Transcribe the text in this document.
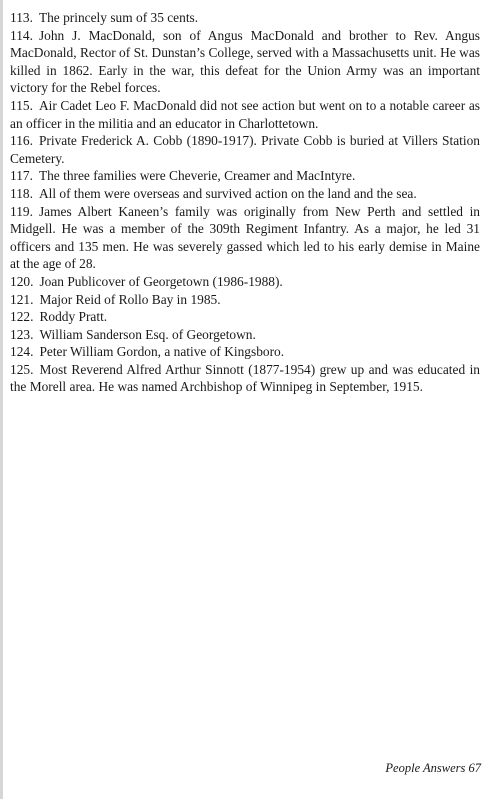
113. The princely sum of 35 cents.

114. John J. MacDonald, son of Angus MacDonald and brother to Rev. Angus MacDonald, Rector of St. Dunstan’s College, served with a Massachusetts unit. He was killed in 1862. Early in the war, this defeat for the Union Army was an important victory for the Rebel forces.

115. Air Cadet Leo F. MacDonald did not see action but went on to a notable career as an officer in the militia and an educator in Charlottetown.

116. Private Frederick A. Cobb (1890-1917). Private Cobb is buried at Villers Station Cemetery.

117. The three families were Cheverie, Creamer and MacIntyre.

118. All of them were overseas and survived action on the land and the sea.

119. James Albert Kaneen’s family was originally from New Perth and settled in Midgell. He was a member of the 309th Regiment Infantry. As a major, he led 31 officers and 135 men. He was severely gassed which led to his early demise in Maine at the age of 28.

120. Joan Publicover of Georgetown (1986-1988).

121. Major Reid of Rollo Bay in 1985.

122. Roddy Pratt.

123. William Sanderson Esq. of Georgetown.

124. Peter William Gordon, a native of Kingsboro.

125. Most Reverend Alfred Arthur Sinnott (1877-1954) grew up and was educated in the Morell area. He was named Archbishop of Winnipeg in September, 1915.

People Answers 67
